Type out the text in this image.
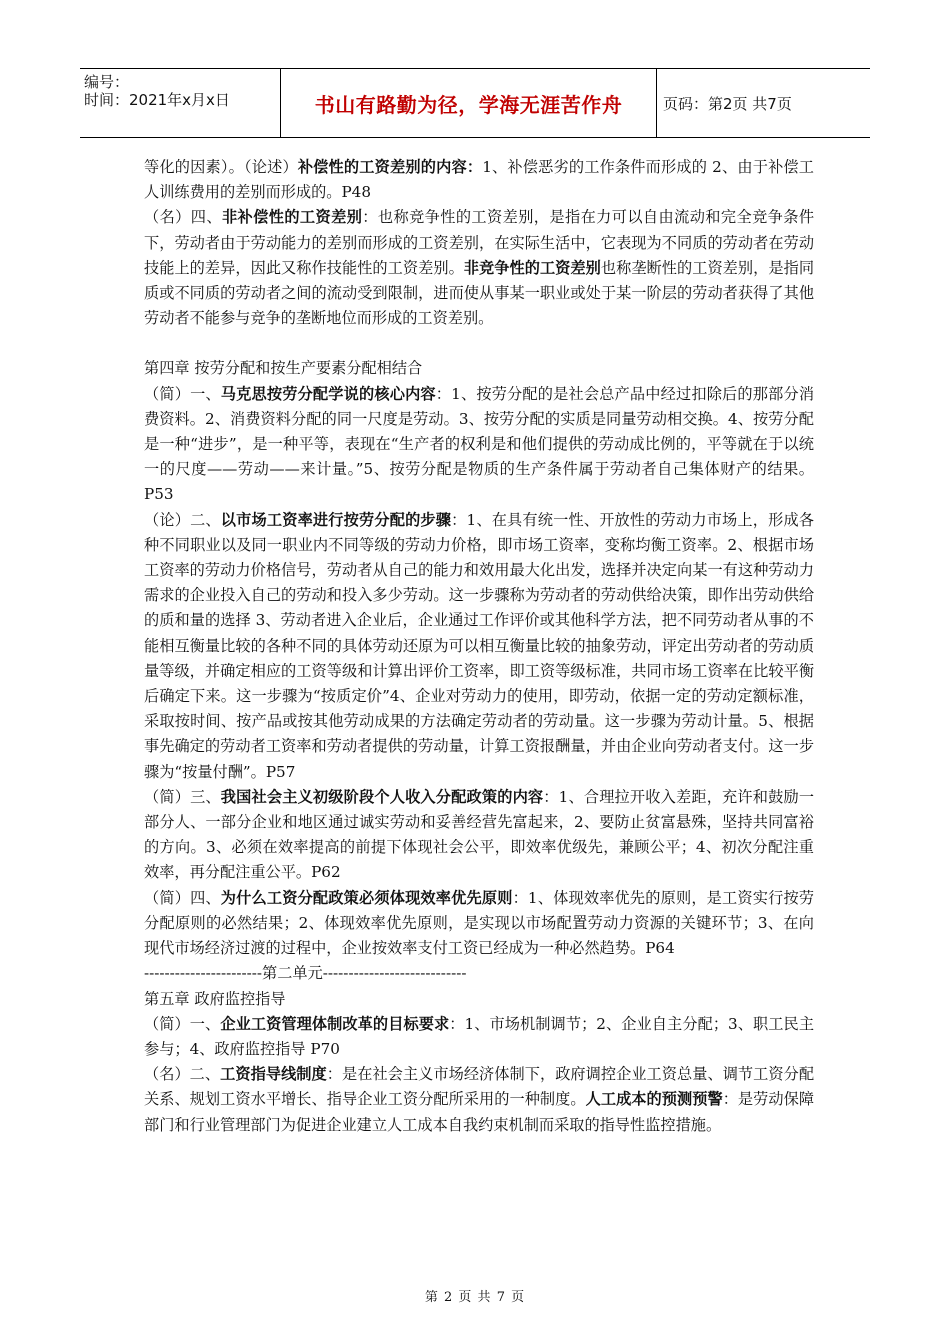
编号：
时间：2021年x月x日	书山有路勤为径，学海无涯苦作舟	页码：第2页 共7页

等化的因素）。（论述）补偿性的工资差别的内容：1、补偿恶劣的工作条件而形成的 2、由于补偿工人训练费用的差别而形成的。P48

（名）四、非补偿性的工资差别：也称竞争性的工资差别，是指在力可以自由流动和完全竞争条件下，劳动者由于劳动能力的差别而形成的工资差别，在实际生活中，它表现为不同质的劳动者在劳动技能上的差异，因此又称作技能性的工资差别。非竞争性的工资差别也称垄断性的工资差别，是指同质或不同质的劳动者之间的流动受到限制，进而使从事某一职业或处于某一阶层的劳动者获得了其他劳动者不能参与竞争的垄断地位而形成的工资差别。

第四章 按劳分配和按生产要素分配相结合

（简）一、马克思按劳分配学说的核心内容：1、按劳分配的是社会总产品中经过扣除后的那部分消费资料。2、消费资料分配的同一尺度是劳动。3、按劳分配的实质是同量劳动相交换。4、按劳分配是一种“进步”，是一种平等，表现在“生产者的权利是和他们提供的劳动成比例的，平等就在于以统一的尺度——劳动——来计量。”5、按劳分配是物质的生产条件属于劳动者自己集体财产的结果。P53

（论）二、以市场工资率进行按劳分配的步骤：1、在具有统一性、开放性的劳动力市场上，形成各种不同职业以及同一职业内不同等级的劳动力价格，即市场工资率，变称均衡工资率。2、根据市场工资率的劳动力价格信号，劳动者从自己的能力和效用最大化出发，选择并决定向某一有这种劳动力需求的企业投入自己的劳动和投入多少劳动。这一步骤称为劳动者的劳动供给决策，即作出劳动供给的质和量的选择 3、劳动者进入企业后，企业通过工作评价或其他科学方法，把不同劳动者从事的不能相互衡量比较的各种不同的具体劳动还原为可以相互衡量比较的抽象劳动，评定出劳动者的劳动质量等级，并确定相应的工资等级和计算出评价工资率，即工资等级标准，共同市场工资率在比较平衡后确定下来。这一步骤为“按质定价”4、企业对劳动力的使用，即劳动，依据一定的劳动定额标准，采取按时间、按产品或按其他劳动成果的方法确定劳动者的劳动量。这一步骤为劳动计量。5、根据事先确定的劳动者工资率和劳动者提供的劳动量，计算工资报酬量，并由企业向劳动者支付。这一步骤为“按量付酬”。P57

（简）三、我国社会主义初级阶段个人收入分配政策的内容：1、合理拉开收入差距，充许和鼓励一部分人、一部分企业和地区通过诚实劳动和妥善经营先富起来，2、要防止贫富悬殊，坚持共同富裕的方向。3、必须在效率提高的前提下体现社会公平，即效率优级先，兼顾公平；4、初次分配注重效率，再分配注重公平。P62

（简）四、为什么工资分配政策必须体现效率优先原则：1、体现效率优先的原则，是工资实行按劳分配原则的必然结果；2、体现效率优先原则，是实现以市场配置劳动力资源的关键环节；3、在向现代市场经济过渡的过程中，企业按效率支付工资已经成为一种必然趋势。P64

-----------------------第二单元----------------------------

第五章 政府监控指导

（简）一、企业工资管理体制改革的目标要求：1、市场机制调节；2、企业自主分配；3、职工民主参与；4、政府监控指导 P70

（名）二、工资指导线制度：是在社会主义市场经济体制下，政府调控企业工资总量、调节工资分配关系、规划工资水平增长、指导企业工资分配所采用的一种制度。人工成本的预测预警：是劳动保障部门和行业管理部门为促进企业建立人工成本自我约束机制而采取的指导性监控措施。

第 2 页 共 7 页
